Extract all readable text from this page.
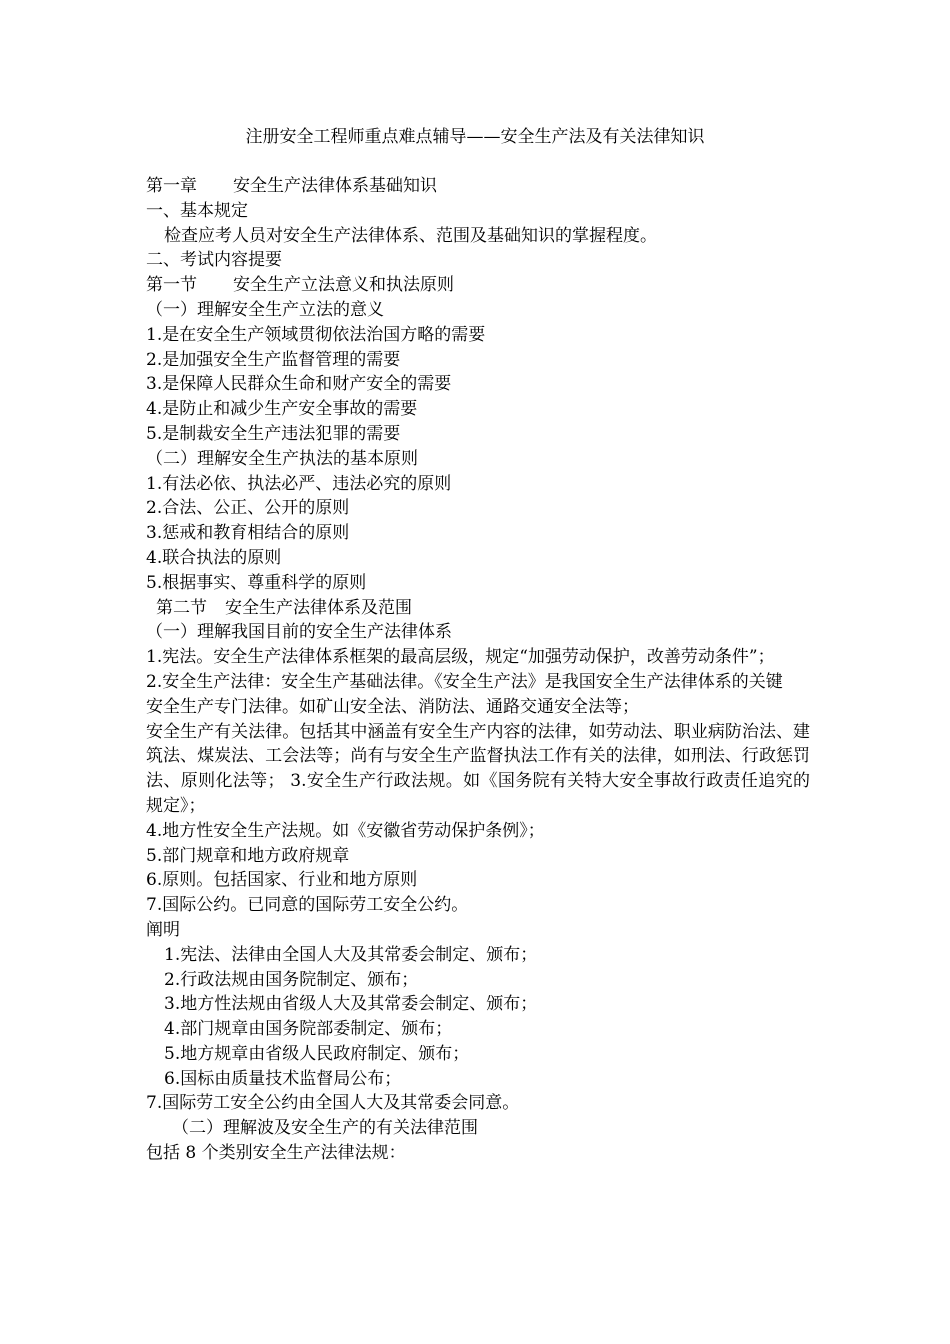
注册安全工程师重点难点辅导——安全生产法及有关法律知识
第一章 安全生产法律体系基础知识
一、基本规定
检查应考人员对安全生产法律体系、范围及基础知识的掌握程度。
二、考试内容提要
第一节 安全生产立法意义和执法原则
（一）理解安全生产立法的意义
1.是在安全生产领域贯彻依法治国方略的需要
2.是加强安全生产监督管理的需要
3.是保障人民群众生命和财产安全的需要
4.是防止和减少生产安全事故的需要
5.是制裁安全生产违法犯罪的需要
（二）理解安全生产执法的基本原则
1.有法必依、执法必严、违法必究的原则
2.合法、公正、公开的原则
3.惩戒和教育相结合的原则
4.联合执法的原则
5.根据事实、尊重科学的原则
第二节 安全生产法律体系及范围
（一）理解我国目前的安全生产法律体系
1.宪法。安全生产法律体系框架的最高层级，规定“加强劳动保护，改善劳动条件”；
2.安全生产法律：安全生产基础法律。《安全生产法》是我国安全生产法律体系的关键
安全生产专门法律。如矿山安全法、消防法、通路交通安全法等；
安全生产有关法律。包括其中涵盖有安全生产内容的法律，如劳动法、职业病防治法、建筑法、煤炭法、工会法等；尚有与安全生产监督执法工作有关的法律，如刑法、行政惩罚法、原则化法等； 3.安全生产行政法规。如《国务院有关特大安全事故行政责任追究的规定》；
4.地方性安全生产法规。如《安徽省劳动保护条例》；
5.部门规章和地方政府规章
6.原则。包括国家、行业和地方原则
7.国际公约。已同意的国际劳工安全公约。
阐明
1.宪法、法律由全国人大及其常委会制定、颁布；
2.行政法规由国务院制定、颁布；
3.地方性法规由省级人大及其常委会制定、颁布；
4.部门规章由国务院部委制定、颁布；
5.地方规章由省级人民政府制定、颁布；
6.国标由质量技术监督局公布；
7.国际劳工安全公约由全国人大及其常委会同意。
（二）理解波及安全生产的有关法律范围
包括 8 个类别安全生产法律法规：
